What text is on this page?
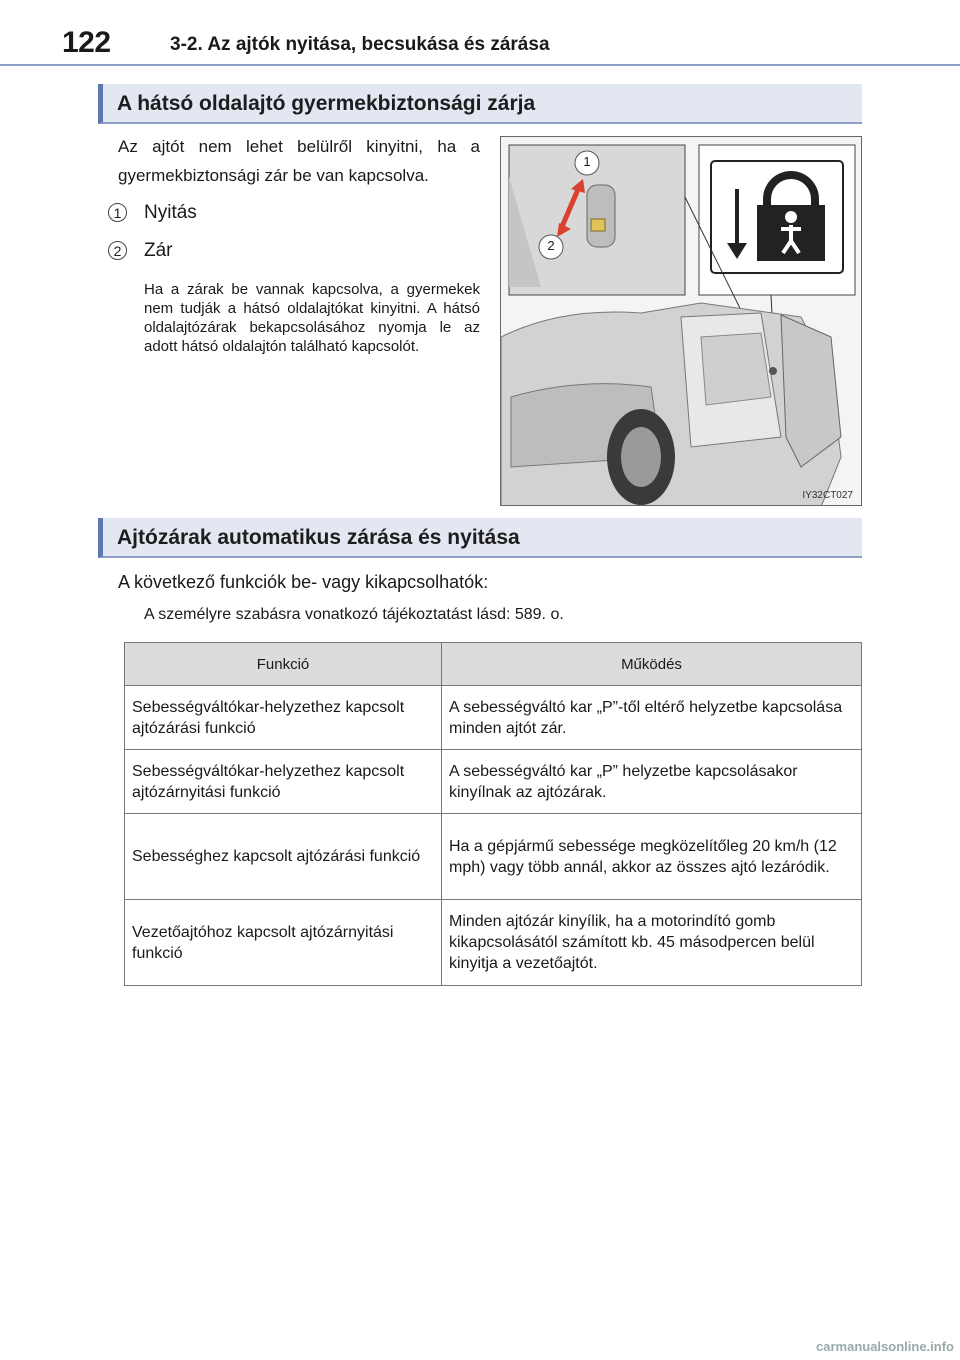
122	3-2. Az ajtók nyitása, becsukása és zárása
A hátsó oldalajtó gyermekbiztonsági zárja
Az ajtót nem lehet belülről kinyitni, ha a gyermekbiztonsági zár be van kapcsolva.
1 Nyitás
2 Zár
Ha a zárak be vannak kapcsolva, a gyermekek nem tudják a hátsó oldalajtókat kinyitni. A hátsó oldalajtózárak bekapcsolásához nyomja le az adott hátsó oldalajtón található kapcsolót.
1
2
IY32CT027
Ajtózárak automatikus zárása és nyitása
A következő funkciók be- vagy kikapcsolhatók:
A személyre szabásra vonatkozó tájékoztatást lásd: 589. o.
Funkció	Működés
Sebességváltókar-helyzethez kapcsolt ajtózárási funkció	A sebességváltó kar „P”-től eltérő helyzetbe kapcsolása minden ajtót zár.
Sebességváltókar-helyzethez kapcsolt ajtózárnyitási funkció	A sebességváltó kar „P” helyzetbe kapcsolásakor kinyílnak az ajtózárak.
Sebességhez kapcsolt ajtózárási funkció	Ha a gépjármű sebessége megközelítőleg 20 km/h (12 mph) vagy több annál, akkor az összes ajtó lezáródik.
Vezetőajtóhoz kapcsolt ajtózárnyitási funkció	Minden ajtózár kinyílik, ha a motorindító gomb kikapcsolásától számított kb. 45 másodpercen belül kinyitja a vezetőajtót.
carmanualsonline.info
